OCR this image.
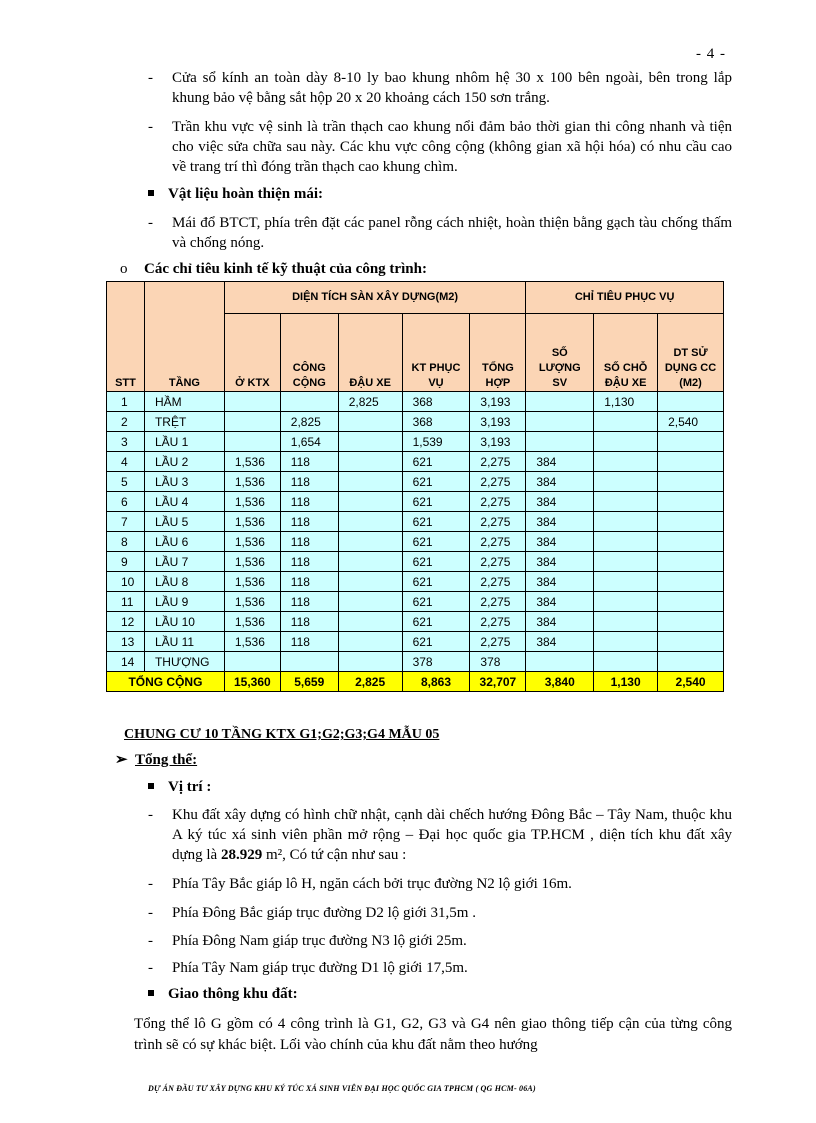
- 4 -
- Cửa sổ kính an toàn dày 8-10 ly bao khung nhôm hệ 30 x 100 bên ngoài, bên trong lắp khung bảo vệ bằng sắt hộp 20 x 20 khoảng cách 150 sơn trắng.
- Trần khu vực vệ sinh là trần thạch cao khung nổi đảm bảo thời gian thi công nhanh và tiện cho việc sửa chữa sau này. Các khu vực công cộng (không gian xã hội hóa) có nhu cầu cao về trang trí thì đóng trần thạch cao khung chìm.
Vật liệu hoàn thiện mái:
- Mái đổ BTCT, phía trên đặt các panel rỗng cách nhiệt, hoàn thiện bằng gạch tàu chống thấm và chống nóng.
o Các chỉ tiêu kinh tế kỹ thuật của công trình:
STT	TẦNG	DIỆN TÍCH SÀN XÂY DỰNG(M2)					CHỈ TIÊU PHỤC VỤ		
		Ở KTX	CÔNG CỘNG	ĐẬU XE	KT PHỤC VỤ	TỔNG HỢP	SỐ LƯỢNG SV	SỐ CHỖ ĐẬU XE	DT SỬ DỤNG CC (M2)
1	HẦM			2,825	368	3,193		1,130	
2	TRỆT		2,825		368	3,193			2,540
3	LẦU 1		1,654		1,539	3,193			
4	LẦU 2	1,536	118		621	2,275	384		
5	LẦU 3	1,536	118		621	2,275	384		
6	LẦU 4	1,536	118		621	2,275	384		
7	LẦU 5	1,536	118		621	2,275	384		
8	LẦU 6	1,536	118		621	2,275	384		
9	LẦU 7	1,536	118		621	2,275	384		
10	LẦU 8	1,536	118		621	2,275	384		
11	LẦU 9	1,536	118		621	2,275	384		
12	LẦU 10	1,536	118		621	2,275	384		
13	LẦU 11	1,536	118		621	2,275	384		
14	THƯỢNG				378	378			
TỔNG CỘNG		15,360	5,659	2,825	8,863	32,707	3,840	1,130	2,540
CHUNG CƯ 10 TẦNG KTX G1;G2;G3;G4 MẪU 05
➢ Tổng thể:
Vị trí :
- Khu đất xây dựng có hình chữ nhật, cạnh dài chếch hướng Đông Bắc – Tây Nam, thuộc khu A ký túc xá sinh viên phần mở rộng – Đại học quốc gia TP.HCM , diện tích khu đất xây dựng là 28.929 m², Có tứ cận như sau :
- Phía Tây Bắc giáp lô H, ngăn cách bởi trục đường N2 lộ giới 16m.
- Phía Đông Bắc giáp trục đường D2 lộ giới 31,5m .
- Phía Đông Nam giáp trục đường N3 lộ giới 25m.
- Phía Tây Nam giáp trục đường D1 lộ giới 17,5m.
Giao thông khu đất:
Tổng thể lô G gồm có 4 công trình là G1, G2, G3 và G4 nên giao thông tiếp cận của từng công trình sẽ có sự khác biệt. Lối vào chính của khu đất nằm theo hướng
DỰ ÁN ĐẦU TƯ XÂY DỰNG KHU KÝ TÚC XÁ SINH VIÊN ĐẠI HỌC QUỐC GIA TPHCM ( QG HCM- 06A)
